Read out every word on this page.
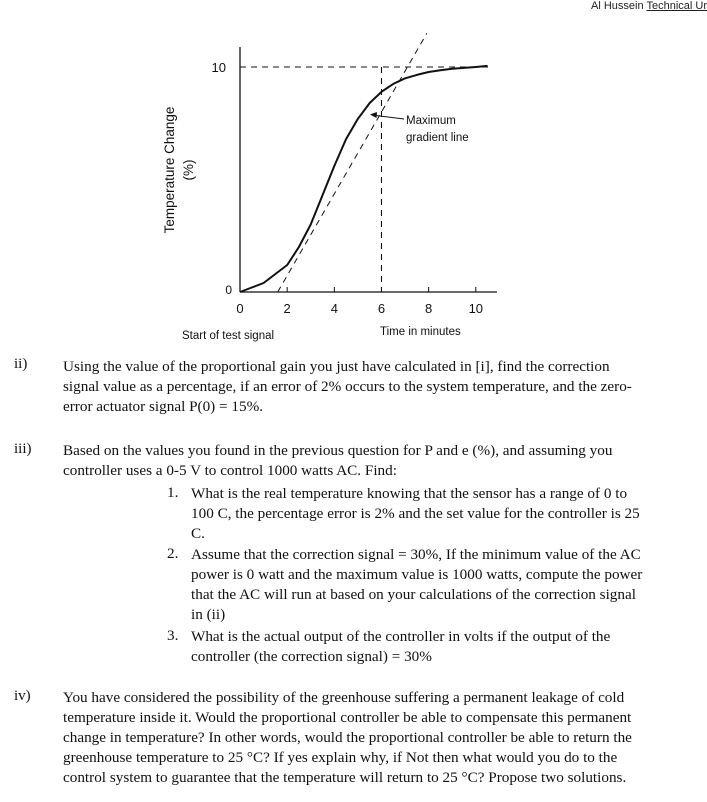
Al Hussein Technical Ur
Temperature Change (%)
Start of test signal	Time in minutes
Maximum
gradient line
0	2	4	6	8	10
10
0
ii) Using the value of the proportional gain you just have calculated in [i], find the correction
signal value as a percentage, if an error of 2% occurs to the system temperature, and the zero-
error actuator signal P(0) = 15%.
iii) Based on the values you found in the previous question for P and e (%), and assuming you
controller uses a 0-5 V to control 1000 watts AC. Find:
1. What is the real temperature knowing that the sensor has a range of 0 to
100 C, the percentage error is 2% and the set value for the controller is 25
C.
2. Assume that the correction signal = 30%, If the minimum value of the AC
power is 0 watt and the maximum value is 1000 watts, compute the power
that the AC will run at based on your calculations of the correction signal
in (ii)
3. What is the actual output of the controller in volts if the output of the
controller (the correction signal) = 30%
iv) You have considered the possibility of the greenhouse suffering a permanent leakage of cold
temperature inside it. Would the proportional controller be able to compensate this permanent
change in temperature? In other words, would the proportional controller be able to return the
greenhouse temperature to 25 °C? If yes explain why, if Not then what would you do to the
control system to guarantee that the temperature will return to 25 °C? Propose two solutions.
